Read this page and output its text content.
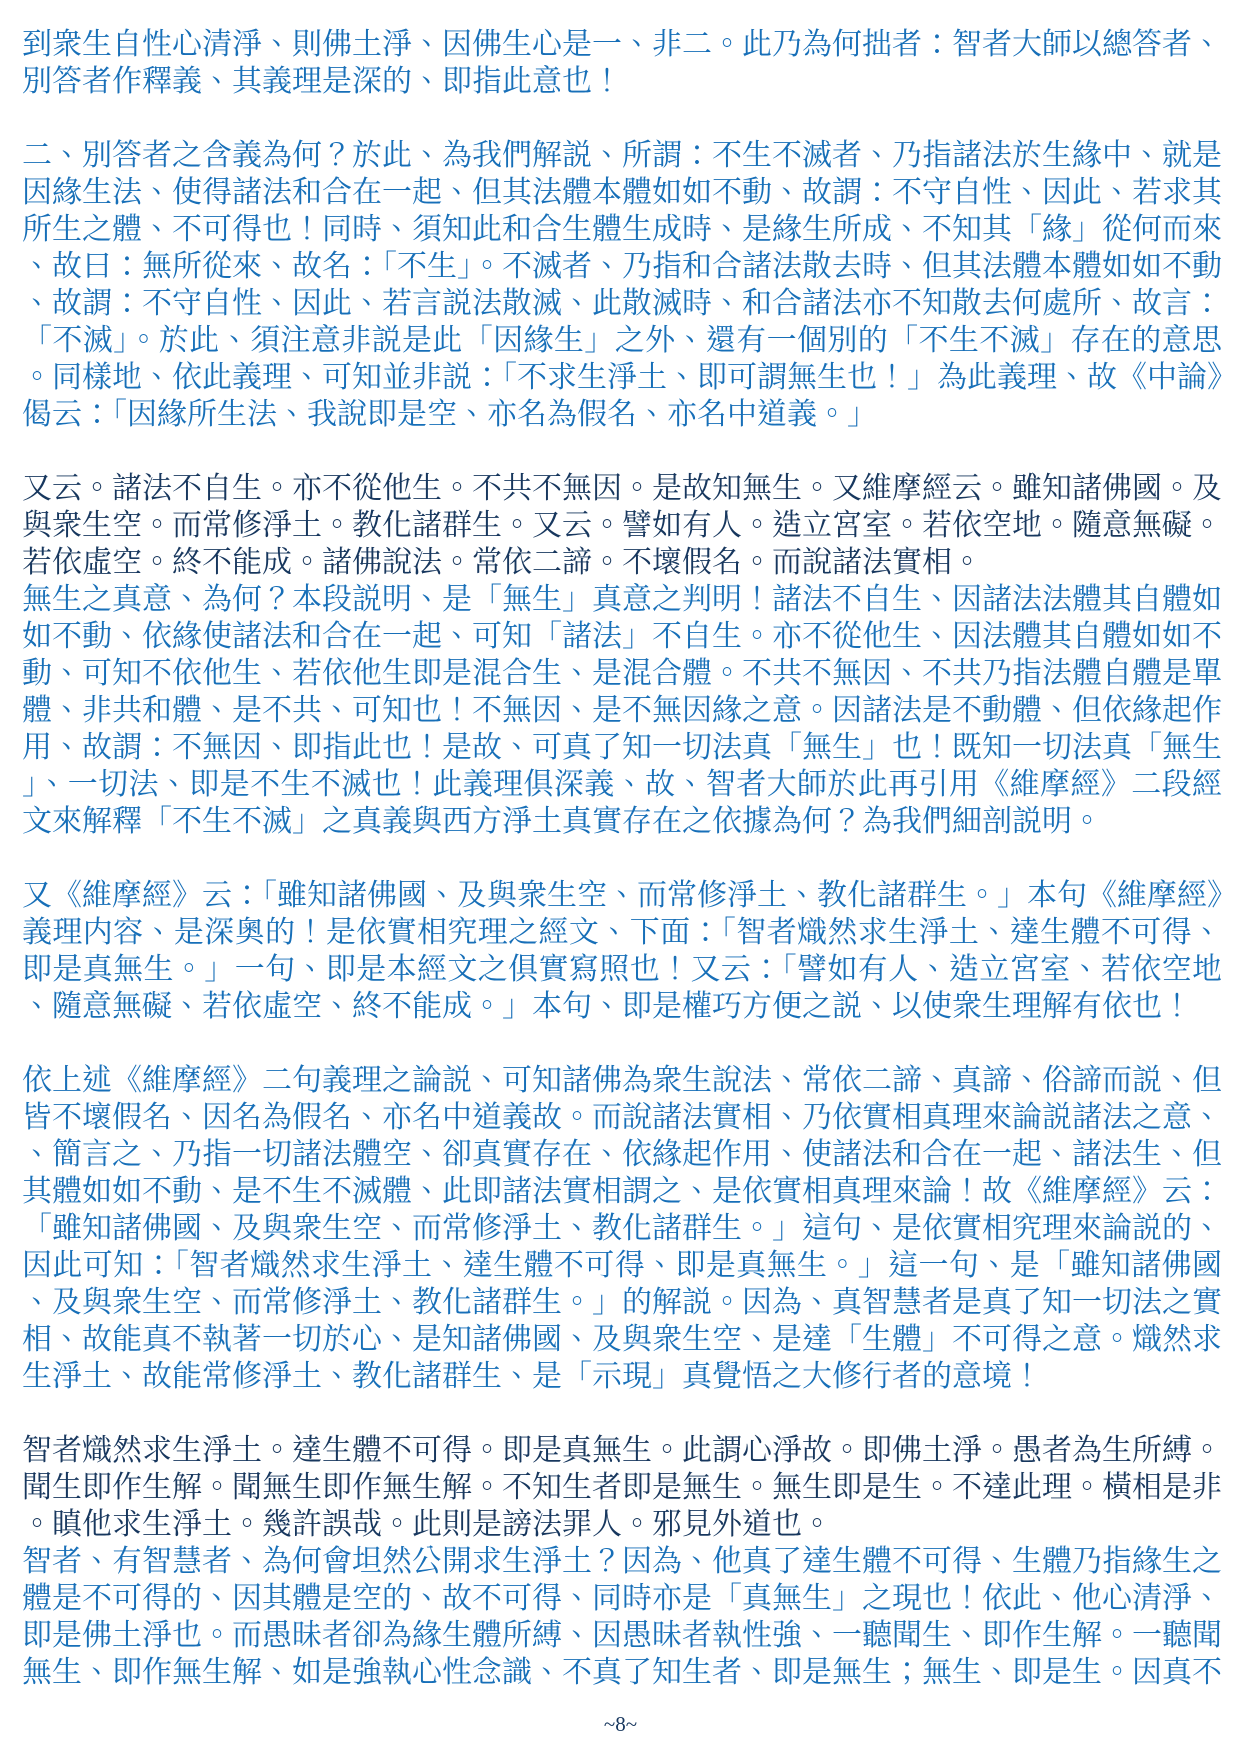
到衆生自性心清淨、則佛土淨、因佛生心是一、非二。此乃為何拙者：智者大師以總答者、別答者作釋義、其義理是深的、即指此意也！

二、別答者之含義為何？於此、為我們解説、所謂：不生不滅者、乃指諸法於生緣中、就是因緣生法、使得諸法和合在一起、但其法體本體如如不動、故謂：不守自性、因此、若求其所生之體、不可得也！同時、須知此和合生體生成時、是緣生所成、不知其「緣」從何而來、故曰：無所從來、故名：「不生」。不滅者、乃指和合諸法散去時、但其法體本體如如不動、故謂：不守自性、因此、若言説法散滅、此散滅時、和合諸法亦不知散去何處所、故言：「不滅」。於此、須注意非説是此「因緣生」之外、還有一個別的「不生不滅」存在的意思。同樣地、依此義理、可知並非説：「不求生淨土、即可謂無生也！」為此義理、故《中論》偈云：「因緣所生法、我說即是空、亦名為假名、亦名中道義。」

又云。諸法不自生。亦不從他生。不共不無因。是故知無生。又維摩經云。雖知諸佛國。及與衆生空。而常修淨土。教化諸群生。又云。譬如有人。造立宮室。若依空地。隨意無礙。若依虛空。終不能成。諸佛說法。常依二諦。不壞假名。而說諸法實相。

無生之真意、為何？本段説明、是「無生」真意之判明！諸法不自生、因諸法法體其自體如如不動、依緣使諸法和合在一起、可知「諸法」不自生。亦不從他生、因法體其自體如如不動、可知不依他生、若依他生即是混合生、是混合體。不共不無因、不共乃指法體自體是單體、非共和體、是不共、可知也！不無因、是不無因緣之意。因諸法是不動體、但依緣起作用、故謂：不無因、即指此也！是故、可真了知一切法真「無生」也！既知一切法真「無生」、一切法、即是不生不滅也！此義理俱深義、故、智者大師於此再引用《維摩經》二段經文來解釋「不生不滅」之真義與西方淨土真實存在之依據為何？為我們細剖説明。

又《維摩經》云：「雖知諸佛國、及與衆生空、而常修淨土、教化諸群生。」本句《維摩經》義理内容、是深奧的！是依實相究理之經文、下面：「智者熾然求生淨土、達生體不可得、即是真無生。」一句、即是本經文之俱實寫照也！又云：「譬如有人、造立宮室、若依空地、隨意無礙、若依虛空、終不能成。」本句、即是權巧方便之説、以使衆生理解有依也！

依上述《維摩經》二句義理之論説、可知諸佛為衆生說法、常依二諦、真諦、俗諦而説、但皆不壞假名、因名為假名、亦名中道義故。而說諸法實相、乃依實相真理來論説諸法之意、、簡言之、乃指一切諸法體空、卻真實存在、依緣起作用、使諸法和合在一起、諸法生、但其體如如不動、是不生不滅體、此即諸法實相謂之、是依實相真理來論！故《維摩經》云：「雖知諸佛國、及與衆生空、而常修淨土、教化諸群生。」這句、是依實相究理來論説的、因此可知：「智者熾然求生淨土、達生體不可得、即是真無生。」這一句、是「雖知諸佛國、及與衆生空、而常修淨土、教化諸群生。」的解説。因為、真智慧者是真了知一切法之實相、故能真不執著一切於心、是知諸佛國、及與衆生空、是達「生體」不可得之意。熾然求生淨土、故能常修淨土、教化諸群生、是「示現」真覺悟之大修行者的意境！

智者熾然求生淨土。達生體不可得。即是真無生。此謂心淨故。即佛土淨。愚者為生所縛。聞生即作生解。聞無生即作無生解。不知生者即是無生。無生即是生。不達此理。橫相是非。瞋他求生淨土。幾許誤哉。此則是謗法罪人。邪見外道也。

智者、有智慧者、為何會坦然公開求生淨土？因為、他真了達生體不可得、生體乃指緣生之體是不可得的、因其體是空的、故不可得、同時亦是「真無生」之現也！依此、他心清淨、即是佛土淨也。而愚昧者卻為緣生體所縛、因愚昧者執性強、一聽聞生、即作生解。一聽聞無生、即作無生解、如是強執心性念識、不真了知生者、即是無生；無生、即是生。因真不

~8~
